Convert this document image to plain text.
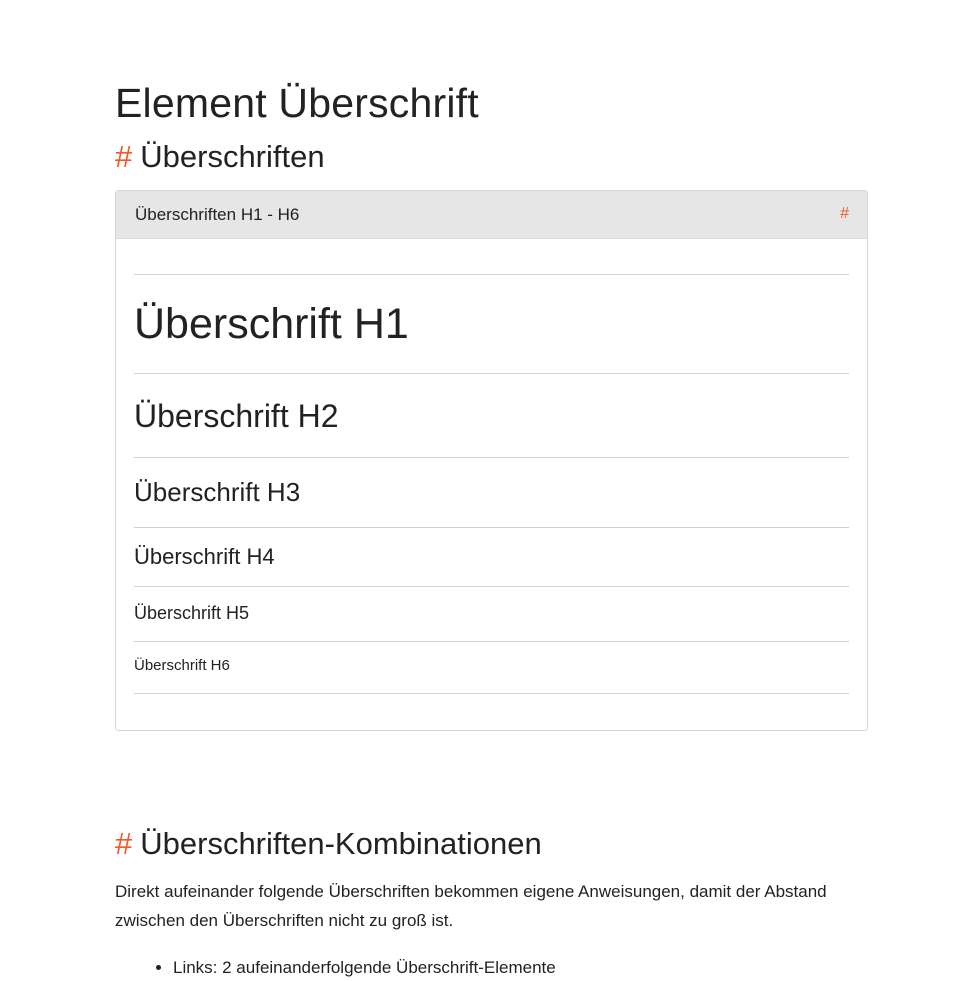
Element Überschrift
# Überschriften
Überschriften H1 - H6	#
Überschrift H1
Überschrift H2
Überschrift H3
Überschrift H4
Überschrift H5
Überschrift H6
# Überschriften-Kombinationen

Direkt aufeinander folgende Überschriften bekommen eigene Anweisungen, damit der Abstand zwischen den Überschriften nicht zu groß ist.

• Links: 2 aufeinanderfolgende Überschrift-Elemente
